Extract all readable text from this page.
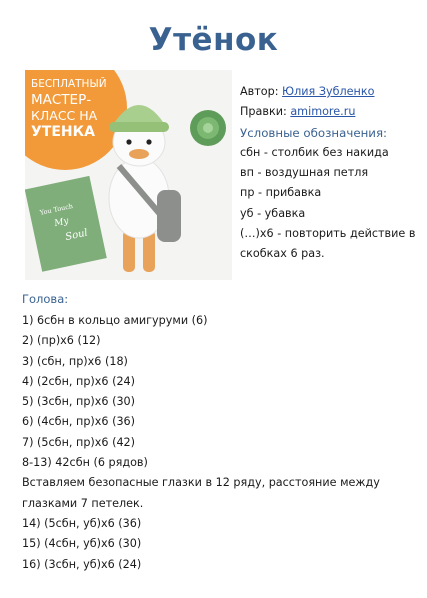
Утёнок
БЕСПЛАТНЫЙ
МАСТЕР-
КЛАСС НА
УТЕНКА
You Touch
My
Soul
Автор: Юлия Зубленко
Правки: amimore.ru
Условные обозначения:
сбн - столбик без накида
вп - воздушная петля
пр - прибавка
уб - убавка
(…)х6 - повторить действие в
скобках 6 раз.
Голова:
1) 6сбн в кольцо амигуруми (6)
2) (пр)х6 (12)
3) (сбн, пр)х6 (18)
4) (2сбн, пр)х6 (24)
5) (3сбн, пр)х6 (30)
6) (4сбн, пр)х6 (36)
7) (5сбн, пр)х6 (42)
8-13) 42сбн (6 рядов)
Вставляем безопасные глазки в 12 ряду, расстояние между глазками 7 петелек.
14) (5сбн, уб)х6 (36)
15) (4сбн, уб)х6 (30)
16) (3сбн, уб)х6 (24)
